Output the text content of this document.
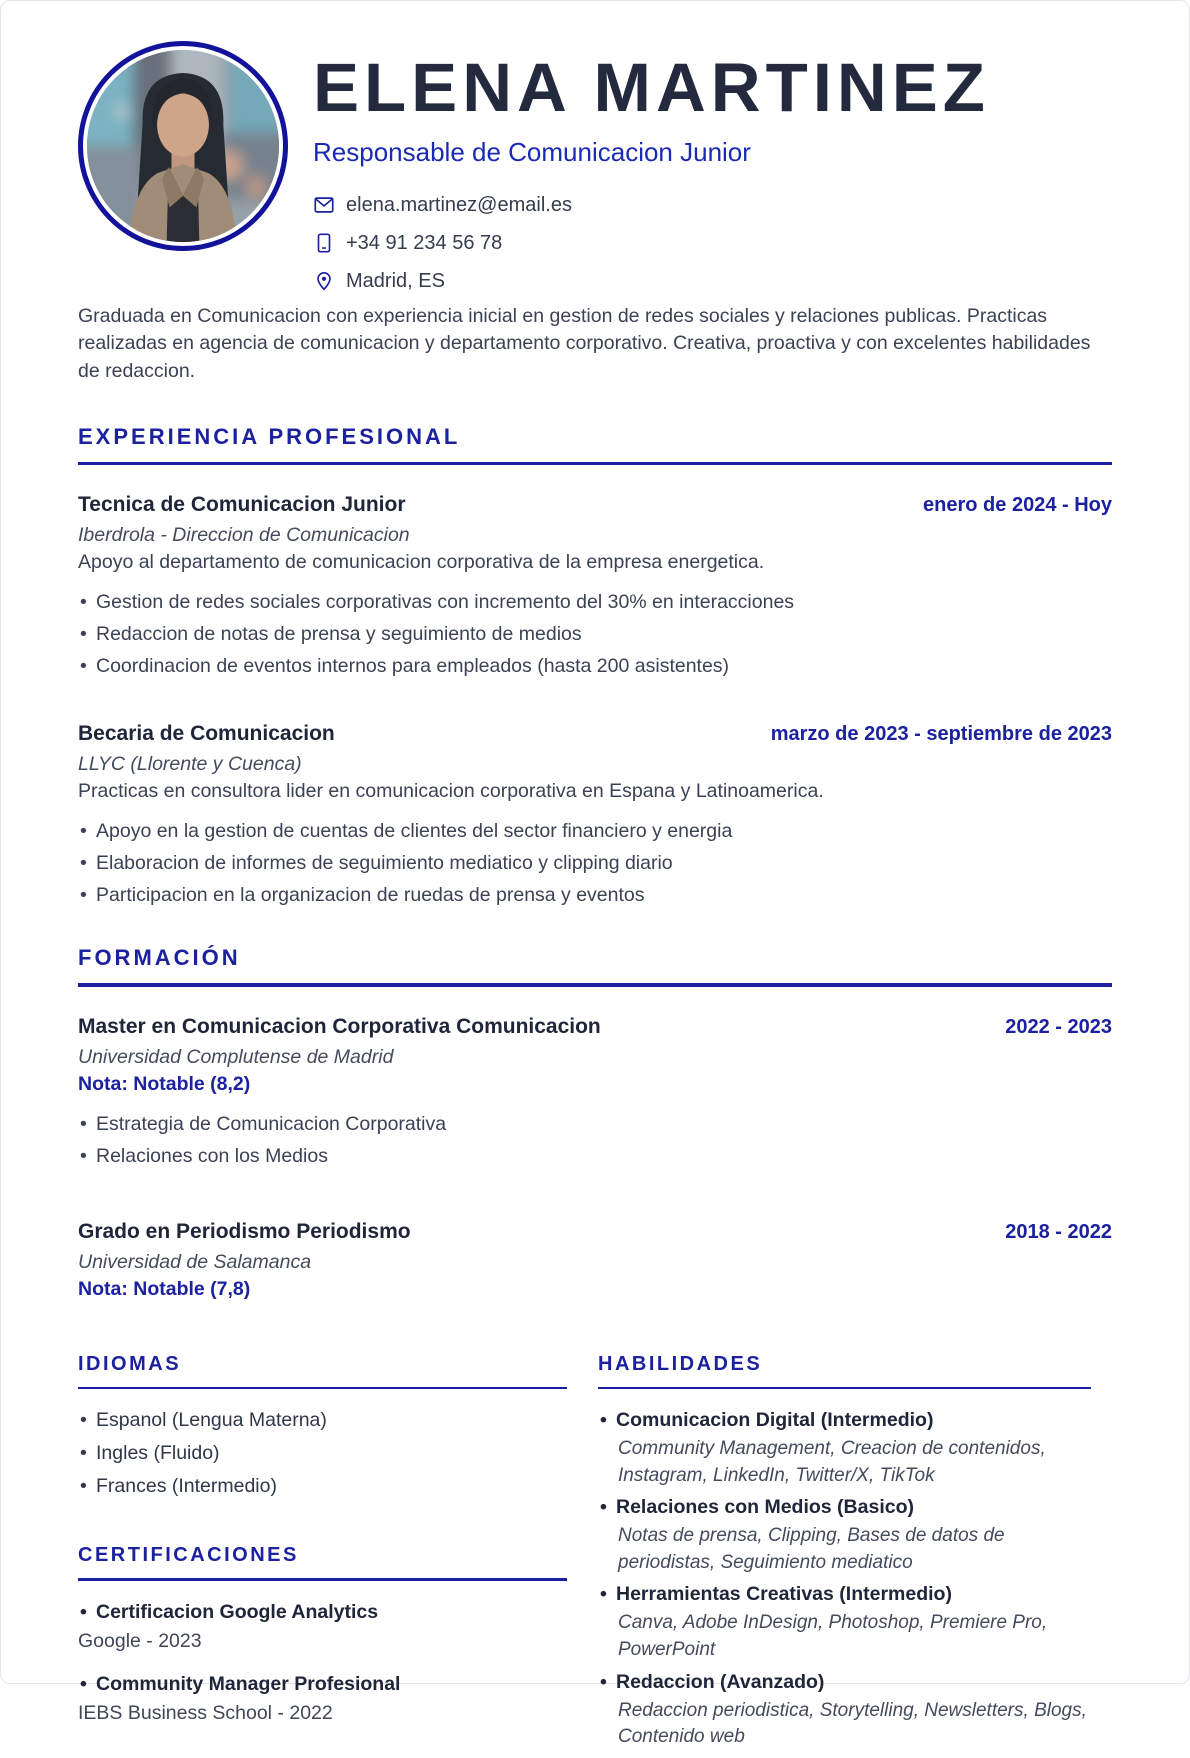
ELENA MARTINEZ
Responsable de Comunicacion Junior
elena.martinez@email.es
+34 91 234 56 78
Madrid, ES

Graduada en Comunicacion con experiencia inicial en gestion de redes sociales y relaciones publicas. Practicas realizadas en agencia de comunicacion y departamento corporativo. Creativa, proactiva y con excelentes habilidades de redaccion.

EXPERIENCIA PROFESIONAL
Tecnica de Comunicacion Junior	enero de 2024 - Hoy
Iberdrola - Direccion de Comunicacion
Apoyo al departamento de comunicacion corporativa de la empresa energetica.
• Gestion de redes sociales corporativas con incremento del 30% en interacciones
• Redaccion de notas de prensa y seguimiento de medios
• Coordinacion de eventos internos para empleados (hasta 200 asistentes)
Becaria de Comunicacion	marzo de 2023 - septiembre de 2023
LLYC (Llorente y Cuenca)
Practicas en consultora lider en comunicacion corporativa en Espana y Latinoamerica.
• Apoyo en la gestion de cuentas de clientes del sector financiero y energia
• Elaboracion de informes de seguimiento mediatico y clipping diario
• Participacion en la organizacion de ruedas de prensa y eventos
FORMACIÓN
Master en Comunicacion Corporativa Comunicacion	2022 - 2023
Universidad Complutense de Madrid
Nota: Notable (8,2)
• Estrategia de Comunicacion Corporativa
• Relaciones con los Medios
Grado en Periodismo Periodismo	2018 - 2022
Universidad de Salamanca
Nota: Notable (7,8)
IDIOMAS
• Espanol (Lengua Materna)
• Ingles (Fluido)
• Frances (Intermedio)
CERTIFICACIONES
• Certificacion Google Analytics
Google - 2023
• Community Manager Profesional
IEBS Business School - 2022
HABILIDADES
• Comunicacion Digital (Intermedio)
Community Management, Creacion de contenidos, Instagram, LinkedIn, Twitter/X, TikTok
• Relaciones con Medios (Basico)
Notas de prensa, Clipping, Bases de datos de periodistas, Seguimiento mediatico
• Herramientas Creativas (Intermedio)
Canva, Adobe InDesign, Photoshop, Premiere Pro, PowerPoint
• Redaccion (Avanzado)
Redaccion periodistica, Storytelling, Newsletters, Blogs, Contenido web
